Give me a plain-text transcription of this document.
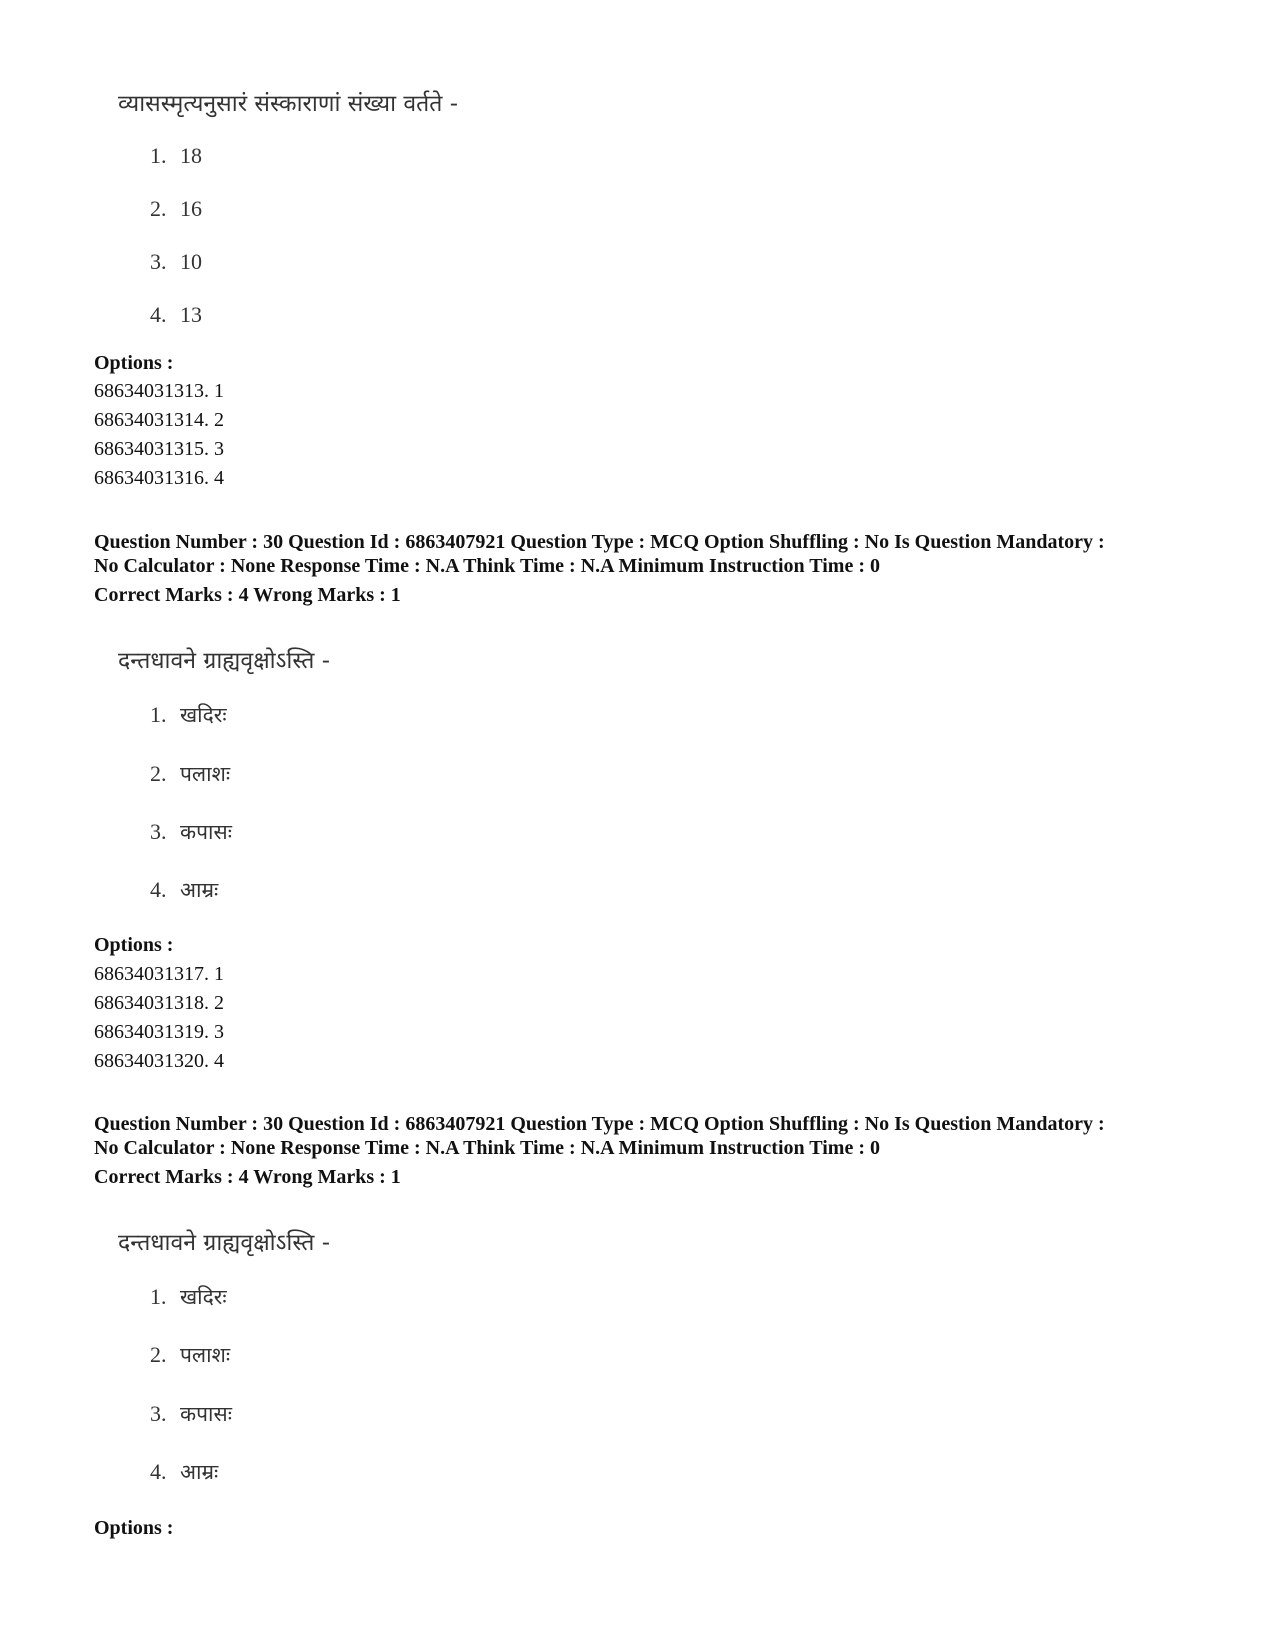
व्यासस्मृत्यनुसारं संस्काराणां संख्या वर्तते -
1. 18
2. 16
3. 10
4. 13
Options :
68634031313. 1
68634031314. 2
68634031315. 3
68634031316. 4
Question Number : 30 Question Id : 6863407921 Question Type : MCQ Option Shuffling : No Is Question Mandatory :
No Calculator : None Response Time : N.A Think Time : N.A Minimum Instruction Time : 0
Correct Marks : 4 Wrong Marks : 1
दन्तधावने ग्राह्यवृक्षोऽस्ति -
1. खदिरः
2. पलाशः
3. कपासः
4. आम्रः
Options :
68634031317. 1
68634031318. 2
68634031319. 3
68634031320. 4
Question Number : 30 Question Id : 6863407921 Question Type : MCQ Option Shuffling : No Is Question Mandatory :
No Calculator : None Response Time : N.A Think Time : N.A Minimum Instruction Time : 0
Correct Marks : 4 Wrong Marks : 1
दन्तधावने ग्राह्यवृक्षोऽस्ति -
1. खदिरः
2. पलाशः
3. कपासः
4. आम्रः
Options :
